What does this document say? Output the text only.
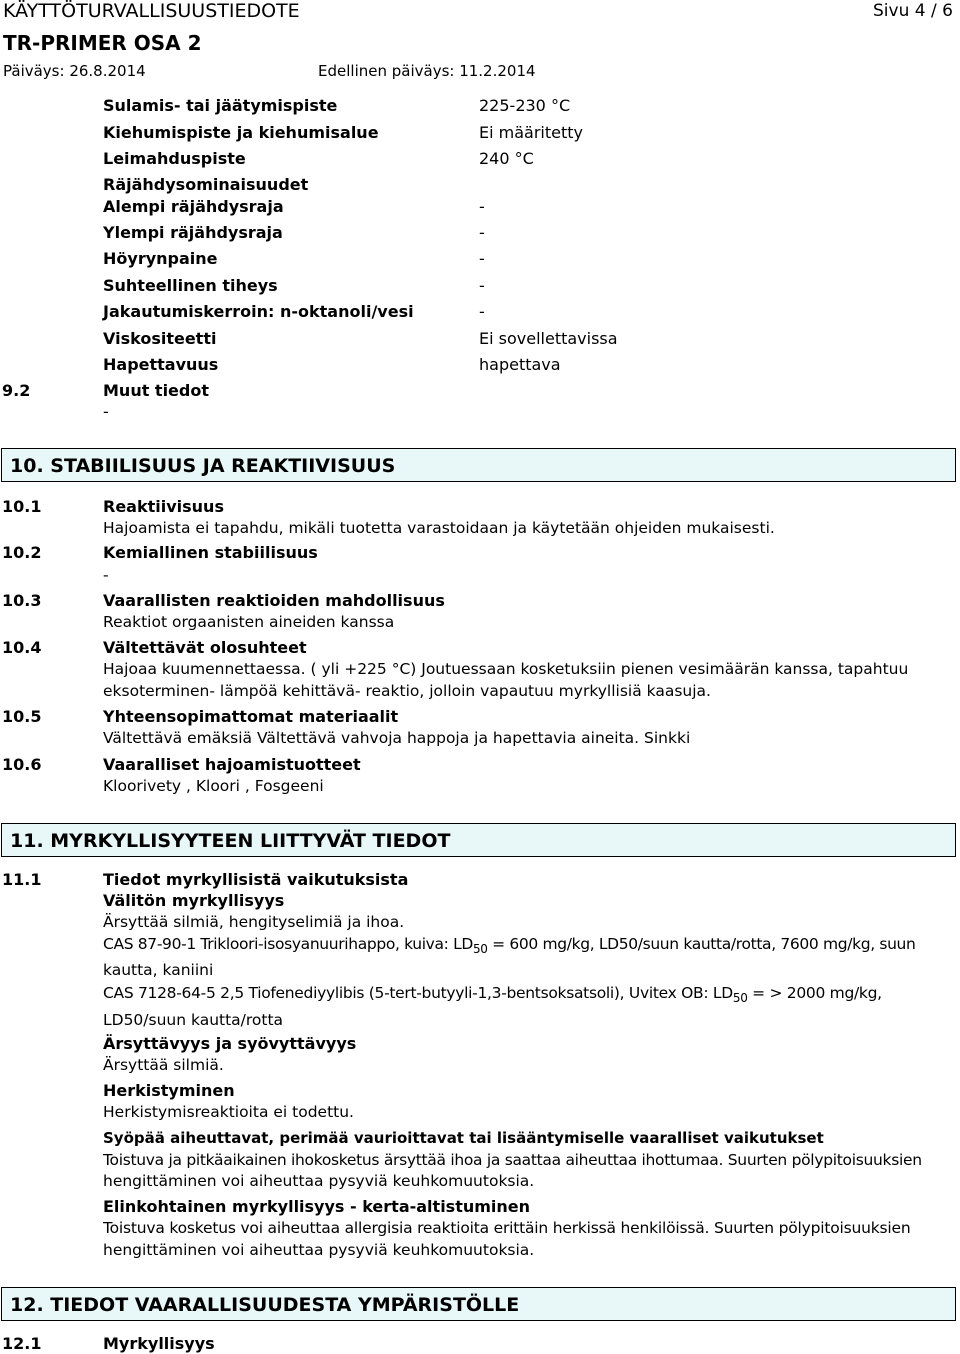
KÄYTTÖTURVALLISUUSTIEDOTE
TR-PRIMER OSA 2
Sivu 4 / 6
Päiväys: 26.8.2014	Edellinen päiväys: 11.2.2014
Sulamis- tai jäätymispiste	225-230 °C
Kiehumispiste ja kiehumisalue	Ei määritetty
Leimahduspiste	240 °C
Räjähdysominaisuudet
Alempi räjähdysraja	-
Ylempi räjähdysraja	-
Höyrynpaine	-
Suhteellinen tiheys	-
Jakautumiskerroin: n-oktanoli/vesi	-
Viskositeetti	Ei sovellettavissa
Hapettavuus	hapettava
9.2	Muut tiedot
-
10. STABIILISUUS JA REAKTIIVISUUS
10.1	Reaktiivisuus
Hajoamista ei tapahdu, mikäli tuotetta varastoidaan ja käytetään ohjeiden mukaisesti.
10.2	Kemiallinen stabiilisuus
-
10.3	Vaarallisten reaktioiden mahdollisuus
Reaktiot orgaanisten aineiden kanssa
10.4	Vältettävät olosuhteet
Hajoaa kuumennettaessa. ( yli +225 °C) Joutuessaan kosketuksiin pienen vesimäärän kanssa, tapahtuu
eksoterminen- lämpöä kehittävä- reaktio, jolloin vapautuu myrkyllisiä kaasuja.
10.5	Yhteensopimattomat materiaalit
Vältettävä emäksiä Vältettävä vahvoja happoja ja hapettavia aineita. Sinkki
10.6	Vaaralliset hajoamistuotteet
Kloorivety , Kloori , Fosgeeni
11. MYRKYLLISYYTEEN LIITTYVÄT TIEDOT
11.1	Tiedot myrkyllisistä vaikutuksista
Välitön myrkyllisyys
Ärsyttää silmiä, hengityselimiä ja ihoa.
CAS 87-90-1 Trikloori-isosyanuurihappo, kuiva: $LD_{50} = 600$ mg/kg, LD50/suun kautta/rotta, 7600 mg/kg, suun
kautta, kaniini
CAS 7128-64-5 2,5 Tiofenediyylibis (5-tert-butyyli-1,3-bentsoksatsoli), Uvitex OB: $LD_{50}$ = > 2000 mg/kg,
LD50/suun kautta/rotta
Ärsyttävyys ja syövyttävyys
Ärsyttää silmiä.
Herkistyminen
Herkistymisreaktioita ei todettu.
Syöpää aiheuttavat, perimää vaurioittavat tai lisääntymiselle vaaralliset vaikutukset
Toistuva ja pitkäaikainen ihokosketus ärsyttää ihoa ja saattaa aiheuttaa ihottumaa. Suurten pölypitoisuuksien
hengittäminen voi aiheuttaa pysyviä keuhkomuutoksia.
Elinkohtainen myrkyllisyys - kerta-altistuminen
Toistuva kosketus voi aiheuttaa allergisia reaktioita erittäin herkissä henkilöissä. Suurten pölypitoisuuksien
hengittäminen voi aiheuttaa pysyviä keuhkomuutoksia.
12. TIEDOT VAARALLISUUDESTA YMPÄRISTÖLLE
12.1	Myrkyllisyys
